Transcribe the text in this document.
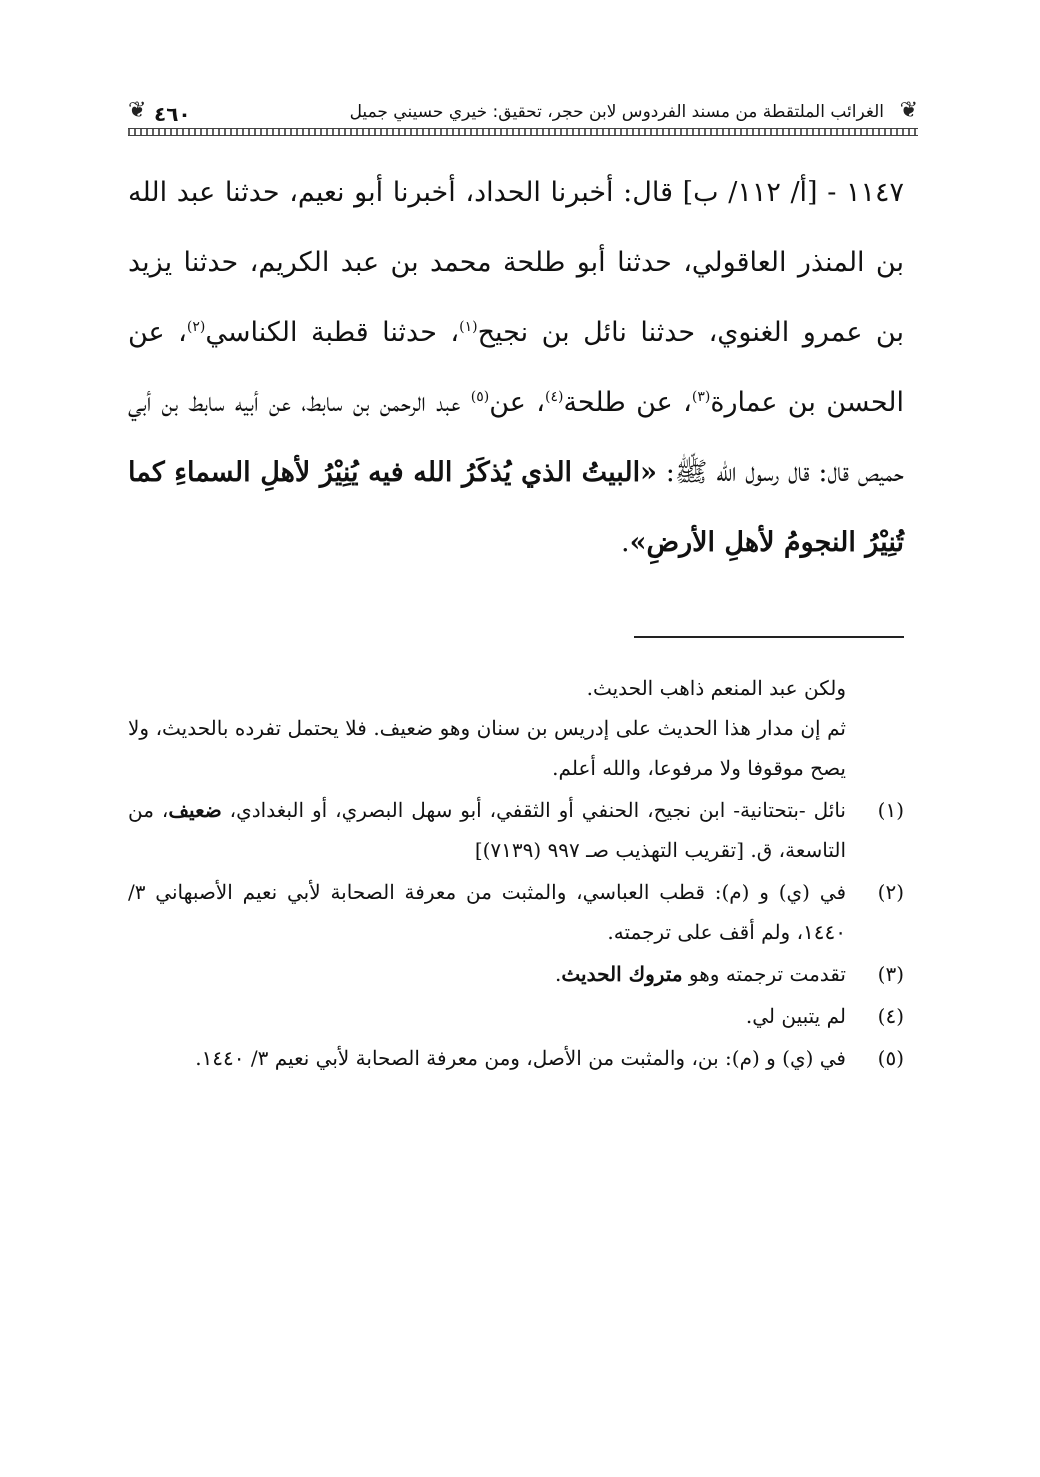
❦ ٤٦٠	الغرائب الملتقطة من مسند الفردوس لابن حجر، تحقيق: خيري حسيني جميل ❦

١١٤٧ - [أ/ ١١٢/ ب] قال: أخبرنا الحداد، أخبرنا أبو نعيم، حدثنا عبد الله بن المنذر العاقولي، حدثنا أبو طلحة محمد بن عبد الكريم، حدثنا يزيد بن عمرو الغنوي، حدثنا نائل بن نجيح$^{(١)}$، حدثنا قطبة الكناسي$^{(٢)}$، عن الحسن بن عمارة$^{(٣)}$، عن طلحة$^{(٤)}$، عن$^{(٥)}$ عبد الرحمن بن سابط، عن أبيه سابط بن أبي حميص قال: قال رسول الله ﷺ: «البيتُ الذي يُذكَرُ الله فيه يُنِيْرُ لأهلِ السماءِ كما تُنِيْرُ النجومُ لأهلِ الأرضِ».

ولكن عبد المنعم ذاهب الحديث.

ثم إن مدار هذا الحديث على إدريس بن سنان وهو ضعيف. فلا يحتمل تفرده بالحديث، ولا يصح موقوفا ولا مرفوعا، والله أعلم.

(١)
نائل -بتحتانية- ابن نجيح، الحنفي أو الثقفي، أبو سهل البصري، أو البغدادي، ضعيف، من التاسعة، ق. [تقريب التهذيب صـ ٩٩٧ (٧١٣٩)]
(٢)
في (ي) و (م): قطب العباسي، والمثبت من معرفة الصحابة لأبي نعيم الأصبهاني ٣/ ١٤٤٠، ولم أقف على ترجمته.
(٣)
تقدمت ترجمته وهو متروك الحديث.
(٤)
لم يتبين لي.
(٥)
في (ي) و (م): بن، والمثبت من الأصل، ومن معرفة الصحابة لأبي نعيم ٣/ ١٤٤٠.
